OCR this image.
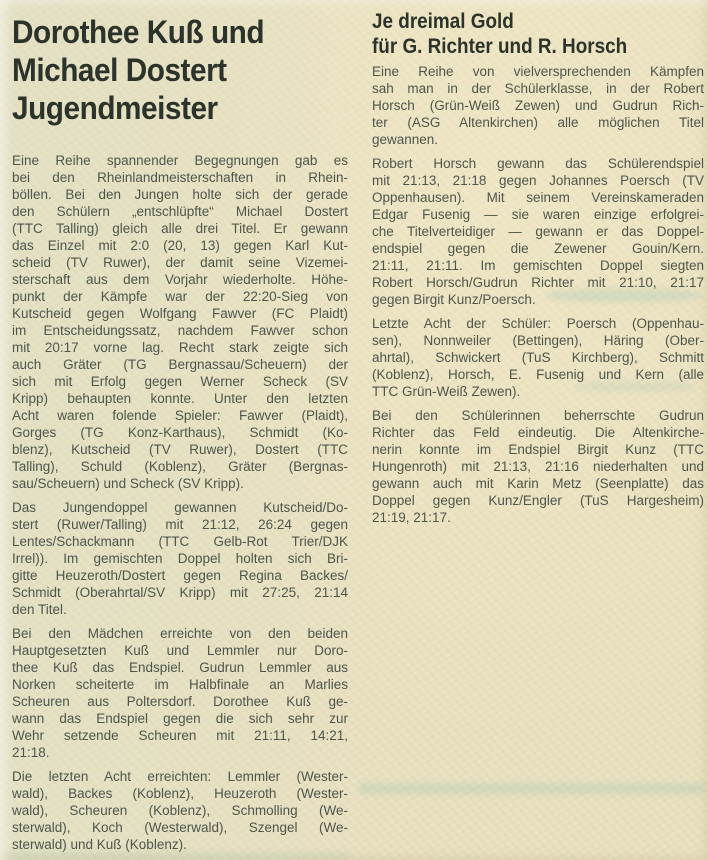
Dorothee Kuß und
Michael Dostert
Jugendmeister
Eine Reihe spannender Begegnungen gab es
bei den Rheinlandmeisterschaften in Rhein-
böllen. Bei den Jungen holte sich der gerade
den Schülern „entschlüpfte“ Michael Dostert
(TTC Talling) gleich alle drei Titel. Er gewann
das Einzel mit 2:0 (20, 13) gegen Karl Kut-
scheid (TV Ruwer), der damit seine Vizemei-
sterschaft aus dem Vorjahr wiederholte. Höhe-
punkt der Kämpfe war der 22:20-Sieg von
Kutscheid gegen Wolfgang Fawver (FC Plaidt)
im Entscheidungssatz, nachdem Fawver schon
mit 20:17 vorne lag. Recht stark zeigte sich
auch Gräter (TG Bergnassau/Scheuern) der
sich mit Erfolg gegen Werner Scheck (SV
Kripp) behaupten konnte. Unter den letzten
Acht waren folende Spieler: Fawver (Plaidt),
Gorges (TG Konz-Karthaus), Schmidt (Ko-
blenz), Kutscheid (TV Ruwer), Dostert (TTC
Talling), Schuld (Koblenz), Gräter (Bergnas-
sau/Scheuern) und Scheck (SV Kripp).
Das Jungendoppel gewannen Kutscheid/Do-
stert (Ruwer/Talling) mit 21:12, 26:24 gegen
Lentes/Schackmann (TTC Gelb-Rot Trier/DJK
Irrel)). Im gemischten Doppel holten sich Bri-
gitte Heuzeroth/Dostert gegen Regina Backes/
Schmidt (Oberahrtal/SV Kripp) mit 27:25, 21:14
den Titel.
Bei den Mädchen erreichte von den beiden
Hauptgesetzten Kuß und Lemmler nur Doro-
thee Kuß das Endspiel. Gudrun Lemmler aus
Norken scheiterte im Halbfinale an Marlies
Scheuren aus Poltersdorf. Dorothee Kuß ge-
wann das Endspiel gegen die sich sehr zur
Wehr setzende Scheuren mit 21:11, 14:21,
21:18.
Die letzten Acht erreichten: Lemmler (Wester-
wald), Backes (Koblenz), Heuzeroth (Wester-
wald), Scheuren (Koblenz), Schmolling (We-
sterwald), Koch (Westerwald), Szengel (We-
sterwald) und Kuß (Koblenz).
Je dreimal Gold
für G. Richter und R. Horsch
Eine Reihe von vielversprechenden Kämpfen
sah man in der Schülerklasse, in der Robert
Horsch (Grün-Weiß Zewen) und Gudrun Rich-
ter (ASG Altenkirchen) alle möglichen Titel
gewannen.
Robert Horsch gewann das Schülerendspiel
mit 21:13, 21:18 gegen Johannes Poersch (TV
Oppenhausen). Mit seinem Vereinskameraden
Edgar Fusenig — sie waren einzige erfolgrei-
che Titelverteidiger — gewann er das Doppel-
endspiel gegen die Zewener Gouin/Kern.
21:11, 21:11. Im gemischten Doppel siegten
Robert Horsch/Gudrun Richter mit 21:10, 21:17
gegen Birgit Kunz/Poersch.
Letzte Acht der Schüler: Poersch (Oppenhau-
sen), Nonnweiler (Bettingen), Häring (Ober-
ahrtal), Schwickert (TuS Kirchberg), Schmitt
(Koblenz), Horsch, E. Fusenig und Kern (alle
TTC Grün-Weiß Zewen).
Bei den Schülerinnen beherrschte Gudrun
Richter das Feld eindeutig. Die Altenkirche-
nerin konnte im Endspiel Birgit Kunz (TTC
Hungenroth) mit 21:13, 21:16 niederhalten und
gewann auch mit Karin Metz (Seenplatte) das
Doppel gegen Kunz/Engler (TuS Hargesheim)
21:19, 21:17.
